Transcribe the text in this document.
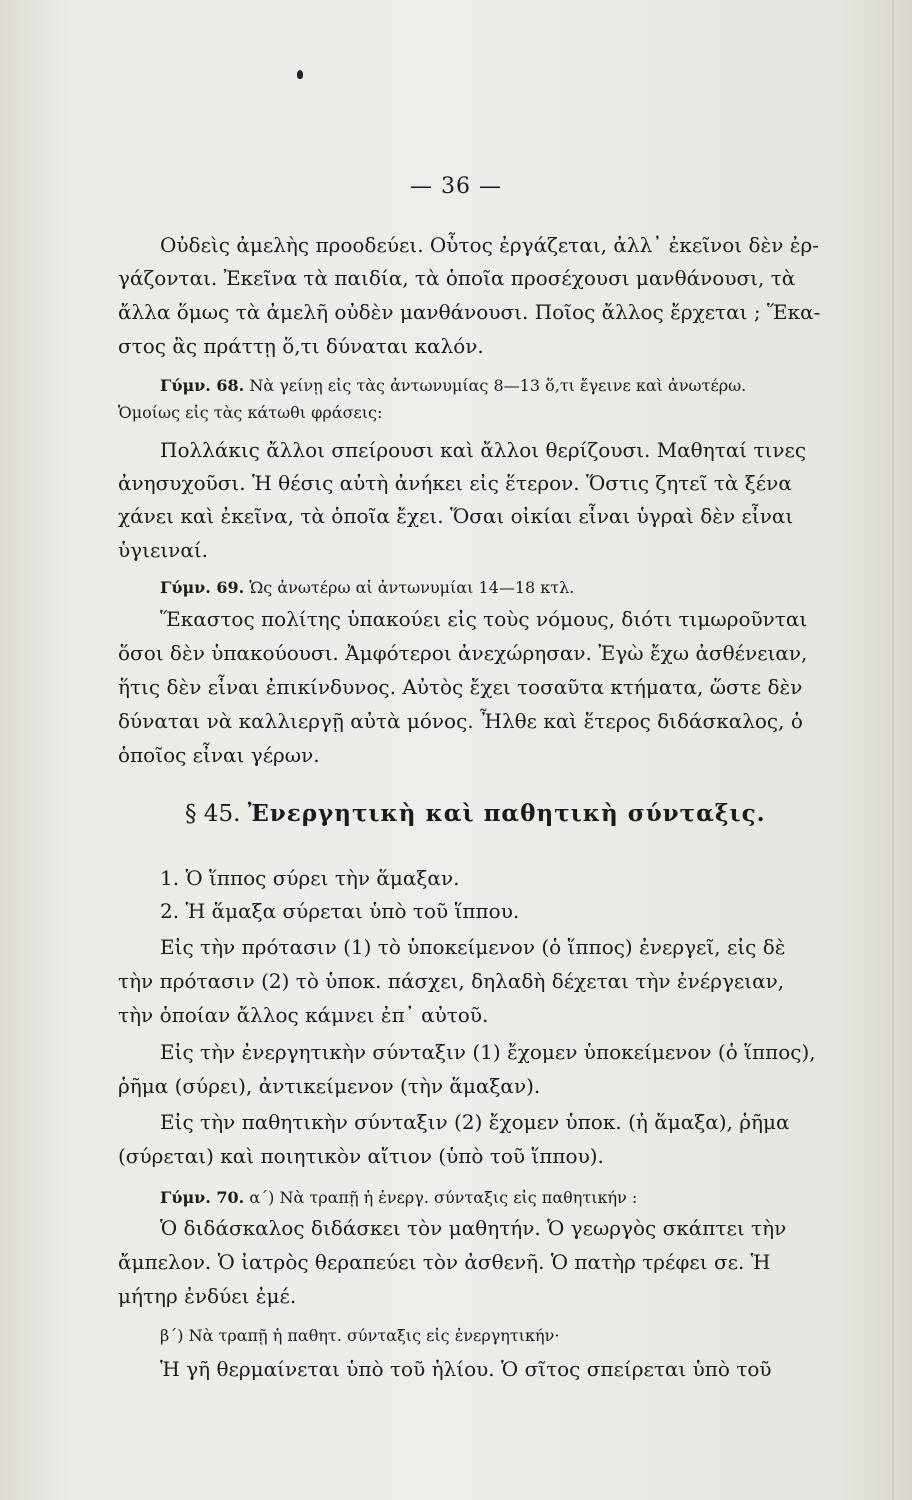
— 36 —
Οὐδεὶς ἀμελὴς προοδεύει. Οὗτος ἐργάζεται, ἀλλ᾿ ἐκεῖνοι δὲν ἐρ-
γάζονται. Ἐκεῖνα τὰ παιδία, τὰ ὁποῖα προσέχουσι μανθάνουσι, τὰ
ἄλλα ὅμως τὰ ἀμελῆ οὐδὲν μανθάνουσι. Ποῖος ἄλλος ἔρχεται ; Ἕκα-
στος ἂς πράττῃ ὅ,τι δύναται καλόν.
Γύμν. 68. Νὰ γείνῃ εἰς τὰς ἀντωνυμίας 8—13 ὅ,τι ἔγεινε καὶ ἀνωτέρω.
Ὁμοίως εἰς τὰς κάτωθι φράσεις:
Πολλάκις ἄλλοι σπείρουσι καὶ ἄλλοι θερίζουσι. Μαθηταί τινες
ἀνησυχοῦσι. Ἡ θέσις αὐτὴ ἀνήκει εἰς ἕτερον. Ὅστις ζητεῖ τὰ ξένα
χάνει καὶ ἐκεῖνα, τὰ ὁποῖα ἔχει. Ὅσαι οἰκίαι εἶναι ὑγραὶ δὲν εἶναι
ὑγιειναί.
Γύμν. 69. Ὡς ἀνωτέρω αἱ ἀντωνυμίαι 14—18 κτλ.
Ἕκαστος πολίτης ὑπακούει εἰς τοὺς νόμους, διότι τιμωροῦνται
ὅσοι δὲν ὑπακούουσι. Ἀμφότεροι ἀνεχώρησαν. Ἐγὼ ἔχω ἀσθένειαν,
ἥτις δὲν εἶναι ἐπικίνδυνος. Αὐτὸς ἔχει τοσαῦτα κτήματα, ὥστε δὲν
δύναται νὰ καλλιεργῇ αὐτὰ μόνος. Ἦλθε καὶ ἕτερος διδάσκαλος, ὁ
ὁποῖος εἶναι γέρων.
§ 45. Ἐνεργητικὴ καὶ παθητικὴ σύνταξις.
1. Ὁ ἵππος σύρει τὴν ἅμαξαν.
2. Ἡ ἅμαξα σύρεται ὑπὸ τοῦ ἵππου.
Εἰς τὴν πρότασιν (1) τὸ ὑποκείμενον (ὁ ἵππος) ἐνεργεῖ, εἰς δὲ
τὴν πρότασιν (2) τὸ ὑποκ. πάσχει, δηλαδὴ δέχεται τὴν ἐνέργειαν,
τὴν ὁποίαν ἄλλος κάμνει ἐπ᾿ αὐτοῦ.
Εἰς τὴν ἐνεργητικὴν σύνταξιν (1) ἔχομεν ὑποκείμενον (ὁ ἵππος),
ῥῆμα (σύρει), ἀντικείμενον (τὴν ἅμαξαν).
Εἰς τὴν παθητικὴν σύνταξιν (2) ἔχομεν ὑποκ. (ἡ ἅμαξα), ῥῆμα
(σύρεται) καὶ ποιητικὸν αἴτιον (ὑπὸ τοῦ ἵππου).
Γύμν. 70. α΄) Νὰ τραπῇ ἡ ἐνεργ. σύνταξις εἰς παθητικήν :
Ὁ διδάσκαλος διδάσκει τὸν μαθητήν. Ὁ γεωργὸς σκάπτει τὴν
ἄμπελον. Ὁ ἰατρὸς θεραπεύει τὸν ἀσθενῆ. Ὁ πατὴρ τρέφει σε. Ἡ
μήτηρ ἐνδύει ἐμέ.
β΄) Νὰ τραπῇ ἡ παθητ. σύνταξις εἰς ἐνεργητικήν·
Ἡ γῆ θερμαίνεται ὑπὸ τοῦ ἡλίου. Ὁ σῖτος σπείρεται ὑπὸ τοῦ
